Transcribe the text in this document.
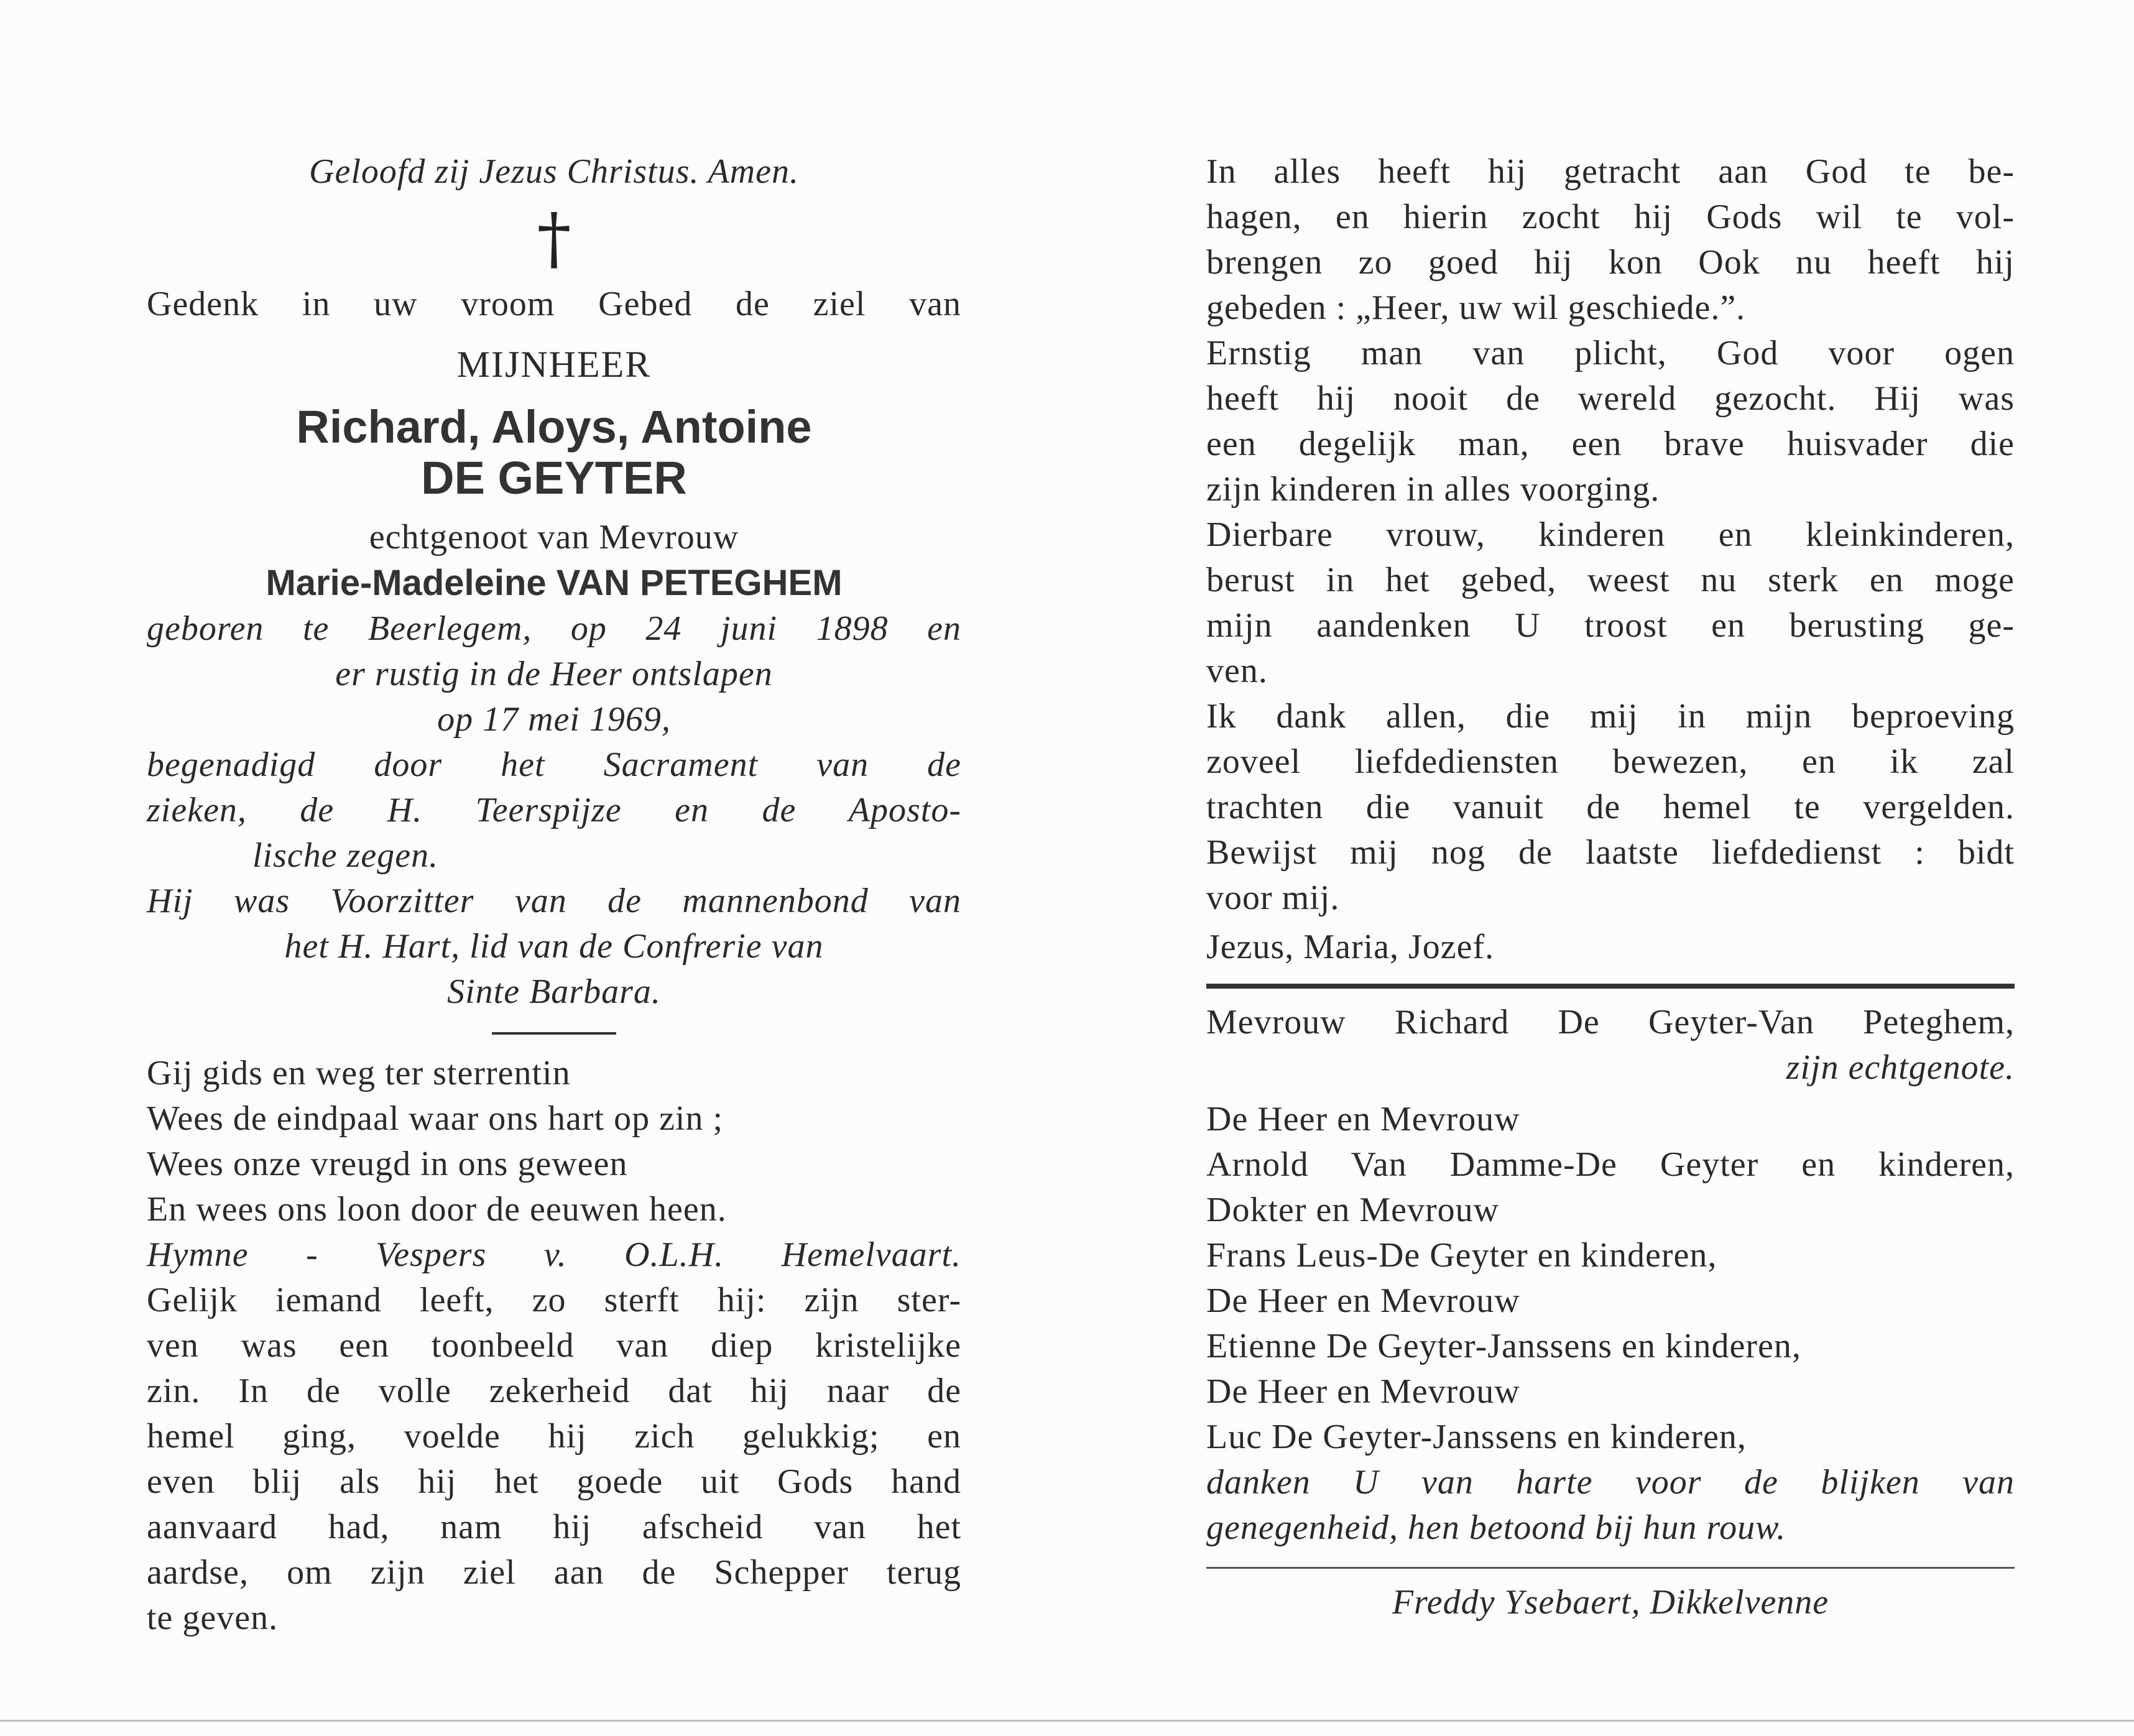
Geloofd zij Jezus Christus. Amen.
†
Gedenk in uw vroom Gebed de ziel van
MIJNHEER
Richard, Aloys, Antoine
DE GEYTER
echtgenoot van Mevrouw
Marie-Madeleine VAN PETEGHEM
geboren te Beerlegem, op 24 juni 1898 en
er rustig in de Heer ontslapen
op 17 mei 1969,
begenadigd door het Sacrament van de
zieken, de H. Teerspijze en de Aposto-
lische zegen.
Hij was Voorzitter van de mannenbond van
het H. Hart, lid van de Confrerie van
Sinte Barbara.
Gij gids en weg ter sterrentin
Wees de eindpaal waar ons hart op zin ;
Wees onze vreugd in ons geween
En wees ons loon door de eeuwen heen.
Hymne - Vespers v. O.L.H. Hemelvaart.
Gelijk iemand leeft, zo sterft hij: zijn ster-
ven was een toonbeeld van diep kristelijke
zin. In de volle zekerheid dat hij naar de
hemel ging, voelde hij zich gelukkig; en
even blij als hij het goede uit Gods hand
aanvaard had, nam hij afscheid van het
aardse, om zijn ziel aan de Schepper terug
te geven.
In alles heeft hij getracht aan God te be-
hagen, en hierin zocht hij Gods wil te vol-
brengen zo goed hij kon Ook nu heeft hij
gebeden : „Heer, uw wil geschiede.”.
Ernstig man van plicht, God voor ogen
heeft hij nooit de wereld gezocht. Hij was
een degelijk man, een brave huisvader die
zijn kinderen in alles voorging.
Dierbare vrouw, kinderen en kleinkinderen,
berust in het gebed, weest nu sterk en moge
mijn aandenken U troost en berusting ge-
ven.
Ik dank allen, die mij in mijn beproeving
zoveel liefdediensten bewezen, en ik zal
trachten die vanuit de hemel te vergelden.
Bewijst mij nog de laatste liefdedienst : bidt
voor mij.
Jezus, Maria, Jozef.
Mevrouw Richard De Geyter-Van Peteghem,
zijn echtgenote.
De Heer en Mevrouw
Arnold Van Damme-De Geyter en kinderen,
Dokter en Mevrouw
Frans Leus-De Geyter en kinderen,
De Heer en Mevrouw
Etienne De Geyter-Janssens en kinderen,
De Heer en Mevrouw
Luc De Geyter-Janssens en kinderen,
danken U van harte voor de blijken van
genegenheid, hen betoond bij hun rouw.
Freddy Ysebaert, Dikkelvenne
